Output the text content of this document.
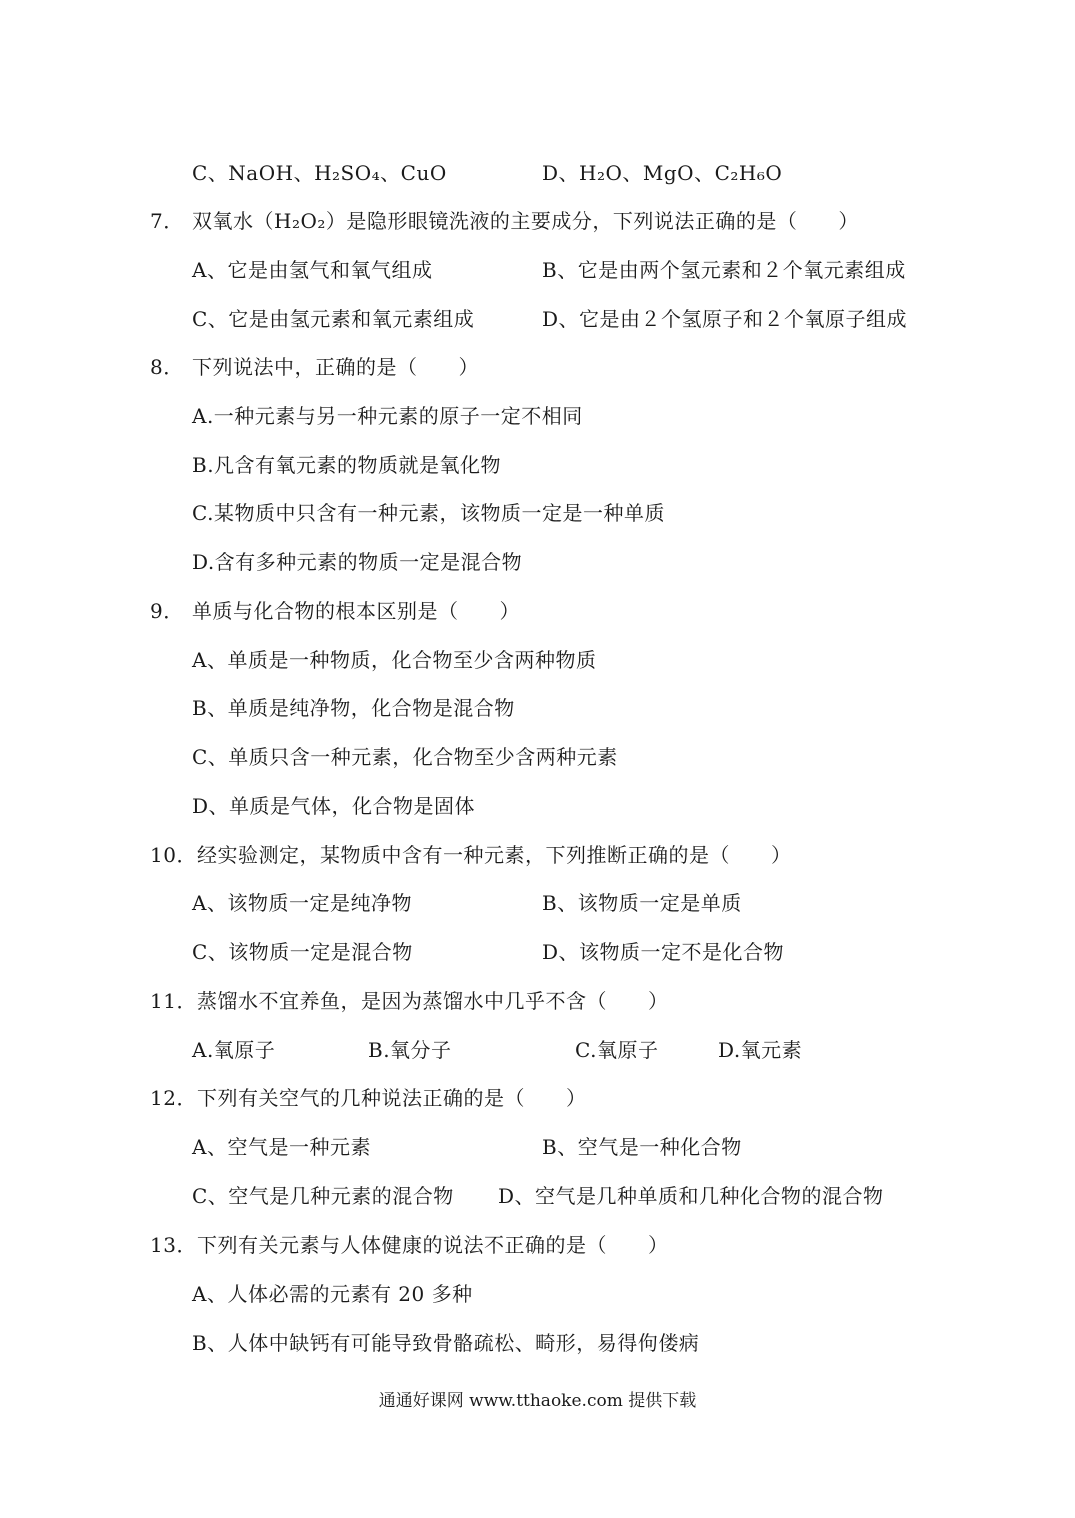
C、NaOH、H₂SO₄、CuO	D、H₂O、MgO、C₂H₆O
7． 双氧水（H₂O₂）是隐形眼镜洗液的主要成分，下列说法正确的是（　　）
A、它是由氢气和氧气组成	B、它是由两个氢元素和２个氧元素组成
C、它是由氢元素和氧元素组成	D、它是由２个氢原子和２个氧原子组成
8． 下列说法中，正确的是（　　）
A.一种元素与另一种元素的原子一定不相同
B.凡含有氧元素的物质就是氧化物
C.某物质中只含有一种元素，该物质一定是一种单质
D.含有多种元素的物质一定是混合物
9． 单质与化合物的根本区别是（　　）
A、单质是一种物质，化合物至少含两种物质
B、单质是纯净物，化合物是混合物
C、单质只含一种元素，化合物至少含两种元素
D、单质是气体，化合物是固体
10．经实验测定，某物质中含有一种元素，下列推断正确的是（　　）
A、该物质一定是纯净物	B、该物质一定是单质
C、该物质一定是混合物	D、该物质一定不是化合物
11．蒸馏水不宜养鱼，是因为蒸馏水中几乎不含（　　）
A.氧原子	B.氧分子	C.氧原子	D.氧元素
12．下列有关空气的几种说法正确的是（　　）
A、空气是一种元素	B、空气是一种化合物
C、空气是几种元素的混合物 D、空气是几种单质和几种化合物的混合物
13．下列有关元素与人体健康的说法不正确的是（　　）
A、人体必需的元素有 20 多种
B、人体中缺钙有可能导致骨骼疏松、畸形，易得佝偻病
通通好课网 www.tthaoke.com 提供下载
